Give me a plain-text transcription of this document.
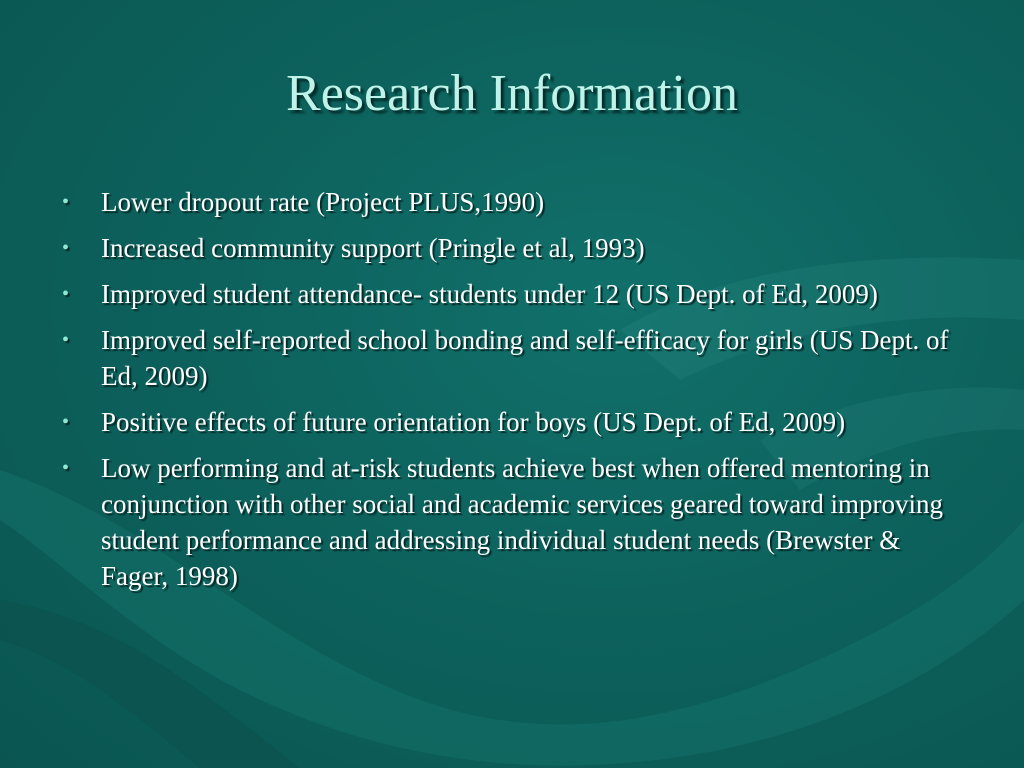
Research Information
• Lower dropout rate (Project PLUS,1990)
• Increased community support (Pringle et al, 1993)
• Improved student attendance- students under 12 (US Dept. of Ed, 2009)
• Improved self-reported school bonding and self-efficacy for girls (US Dept. of Ed, 2009)
• Positive effects of future orientation for boys (US Dept. of Ed, 2009)
• Low performing and at-risk students achieve best when offered mentoring in conjunction with other social and academic services geared toward improving student performance and addressing individual student needs (Brewster & Fager, 1998)
